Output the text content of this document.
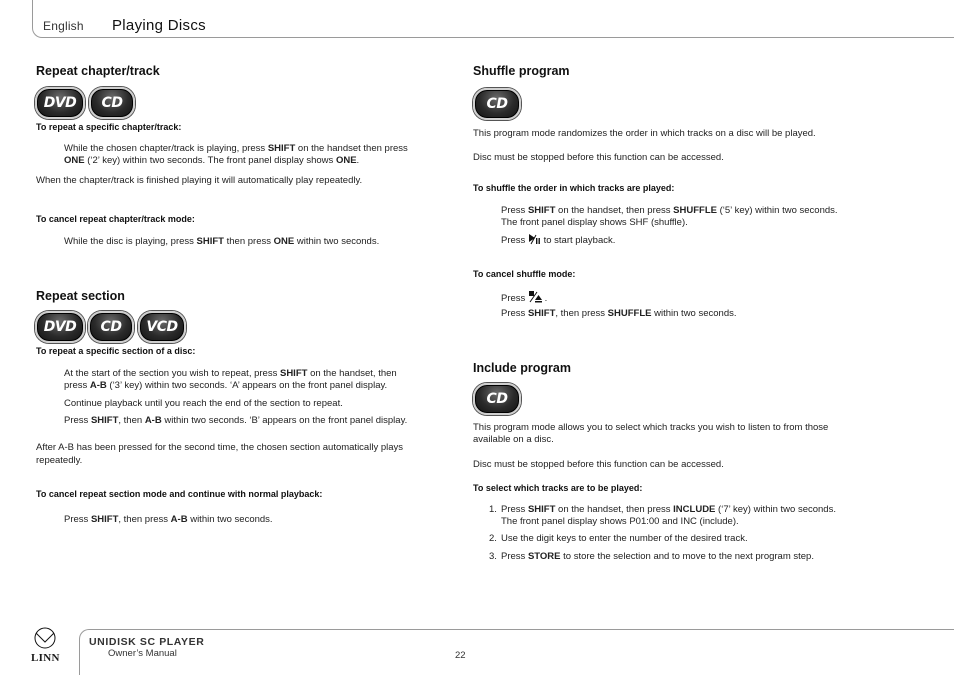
English Playing Discs
Repeat chapter/track
DVD	CD
To repeat a specific chapter/track:
While the chosen chapter/track is playing, press SHIFT on the handset then press
ONE (‘2’ key) within two seconds. The front panel display shows ONE.
When the chapter/track is finished playing it will automatically play repeatedly.
To cancel repeat chapter/track mode:
While the disc is playing, press SHIFT then press ONE within two seconds.
Repeat section
DVD	CD	VCD
To repeat a specific section of a disc:
At the start of the section you wish to repeat, press SHIFT on the handset, then
press A-B (‘3’ key) within two seconds. ‘A’ appears on the front panel display.
Continue playback until you reach the end of the section to repeat.
Press SHIFT, then A-B within two seconds. ‘B’ appears on the front panel display.
After A-B has been pressed for the second time, the chosen section automatically plays
repeatedly.
To cancel repeat section mode and continue with normal playback:
Press SHIFT, then press A-B within two seconds.
Shuffle program
CD
This program mode randomizes the order in which tracks on a disc will be played.
Disc must be stopped before this function can be accessed.
To shuffle the order in which tracks are played:
Press SHIFT on the handset, then press SHUFFLE (‘5’ key) within two seconds.
The front panel display shows SHF (shuffle).
Press  to start playback.
To cancel shuffle mode:
Press  .
Press SHIFT, then press SHUFFLE within two seconds.
Include program
CD
This program mode allows you to select which tracks you wish to listen to from those
available on a disc.
Disc must be stopped before this function can be accessed.
To select which tracks are to be played:
1. Press SHIFT on the handset, then press INCLUDE (‘7’ key) within two seconds.
The front panel display shows P01:00 and INC (include).
2. Use the digit keys to enter the number of the desired track.
3. Press STORE to store the selection and to move to the next program step.
LINN
UNIDISK SC PLAYER
Owner’s Manual	22
